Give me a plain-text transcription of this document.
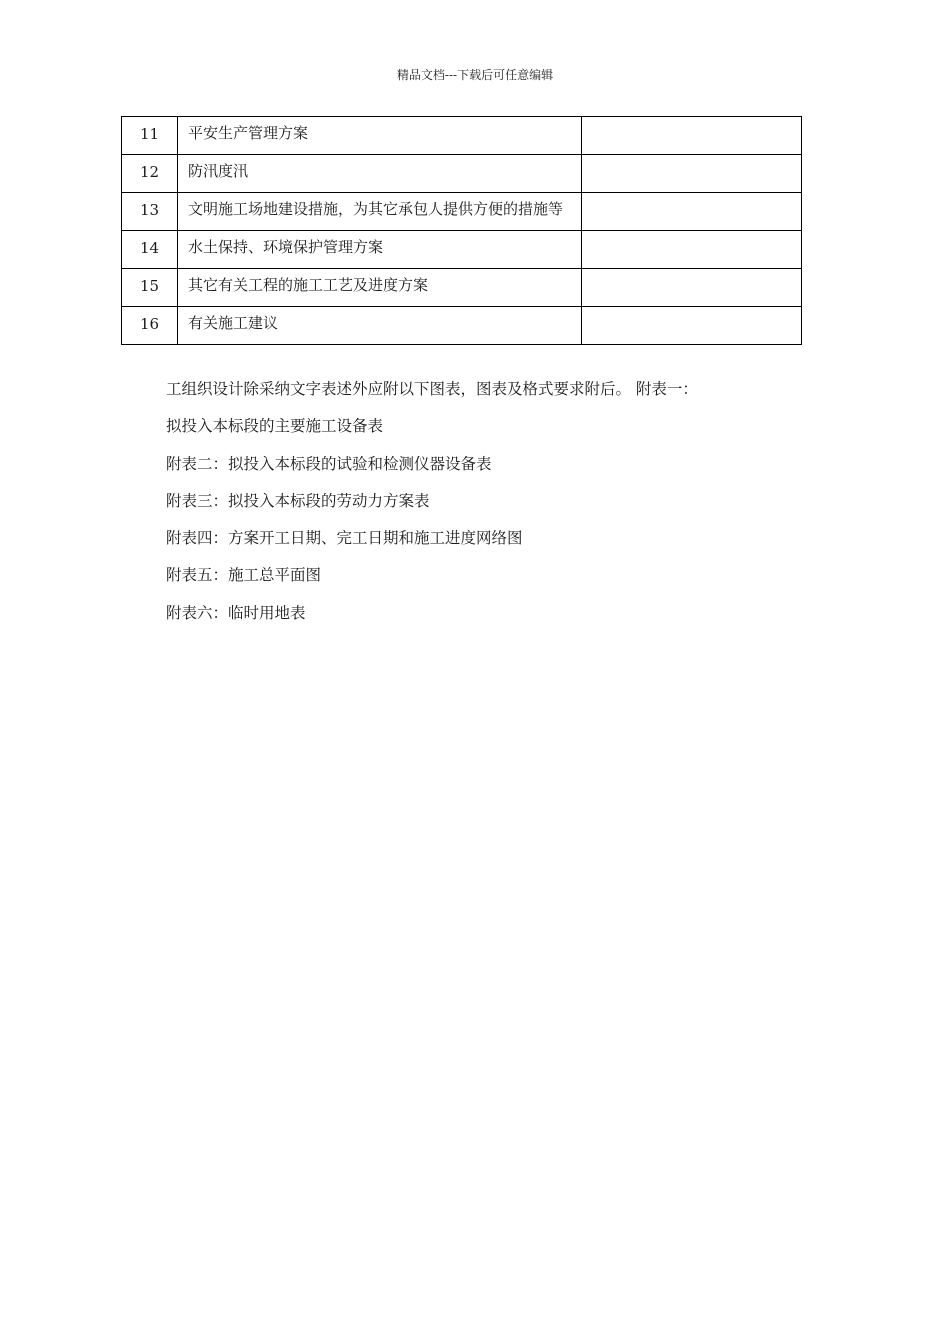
精品文档---下载后可任意编辑
11	平安生产管理方案	

12	防汛度汛	

13	文明施工场地建设措施，为其它承包人提供方便的措施等	

14	水土保持、环境保护管理方案	

15	其它有关工程的施工工艺及进度方案	

16	有关施工建议	

工组织设计除采纳文字表述外应附以下图表，图表及格式要求附后。 附表一：

拟投入本标段的主要施工设备表

附表二：拟投入本标段的试验和检测仪器设备表

附表三：拟投入本标段的劳动力方案表

附表四：方案开工日期、完工日期和施工进度网络图

附表五：施工总平面图

附表六：临时用地表
